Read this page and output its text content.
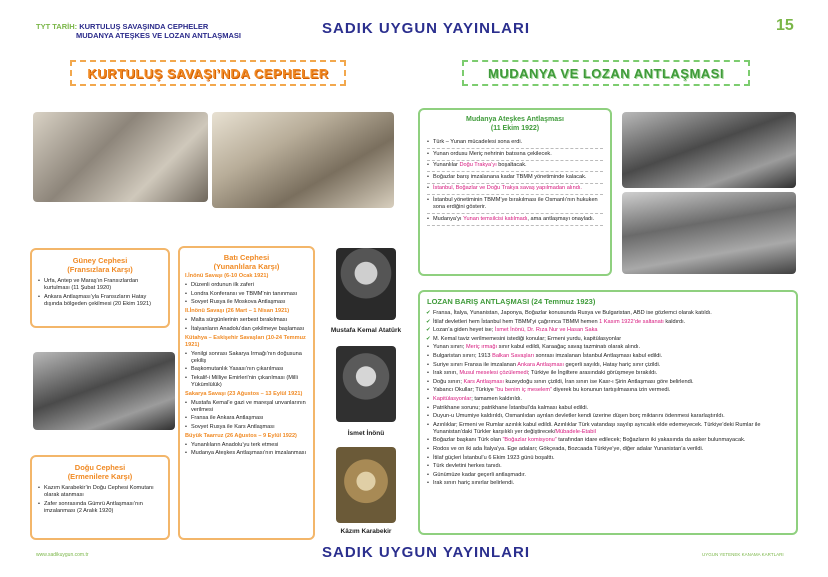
TYT TARİH: KURTULUŞ SAVAŞINDA CEPHELER
MUDANYA ATEŞKES VE LOZAN ANTLAŞMASI	SADIK UYGUN YAYINLARI	15
KURTULUŞ SAVAŞI’NDA CEPHELER	MUDANYA VE LOZAN ANTLAŞMASI
Güney Cephesi
(Fransızlara Karşı)
• Urfa, Antep ve Maraş’ın Fransızlardan kurtulması (11 Şubat 1920)
• Ankara Antlaşması’yla Fransızların Hatay dışında bölgeden çekilmesi (20 Ekim 1921)
Doğu Cephesi
(Ermenilere Karşı)
• Kazım Karabekir’in Doğu Cephesi Komutanı olarak atanması
• Zafer sonrasında Gümrü Antlaşması’nın imzalanması (2 Aralık 1920)
Batı Cephesi
(Yunanlılara Karşı)
I.İnönü Savaşı (6-10 Ocak 1921)
• Düzenli ordunun ilk zaferi
• Londra Konferansı ve TBMM’nin tanınması
• Sovyet Rusya ile Moskova Antlaşması
II.İnönü Savaşı (26 Mart – 1 Nisan 1921)
• Malta sürgünlerinin serbest bırakılması
• İtalyanların Anadolu’dan çekilmeye başlaması
Kütahya – Eskişehir Savaşları (10-24 Temmuz 1921)
• Yenilgi sonrası Sakarya Irmağı’nın doğusuna çekiliş
• Başkomutanlık Yasası’nın çıkarılması
• Tekalif-i Milliye Emirleri’nin çıkarılması (Milli Yükümlülük)
Sakarya Savaşı (23 Ağustos – 13 Eylül 1921)
• Mustafa Kemal’e gazi ve mareşal unvanlarının verilmesi
• Fransa ile Ankara Antlaşması
• Sovyet Rusya ile Kars Antlaşması
Büyük Taarruz (26 Ağustos – 9 Eylül 1922)
• Yunanlıların Anadolu’yu terk etmesi
• Mudanya Ateşkes Antlaşması’nın imzalanması
Mustafa Kemal Atatürk
İsmet İnönü
Kâzım Karabekir
Mudanya Ateşkes Antlaşması
(11 Ekim 1922)
• Türk – Yunan mücadelesi sona erdi.
• Yunan ordusu Meriç nehrinin batısına çekilecek.
• Yunanlılar Doğu Trakya’yı boşaltacak.
• Boğazlar barış imzalanana kadar TBMM yönetiminde kalacak.
• İstanbul, Boğazlar ve Doğu Trakya savaş yapılmadan alındı.
• İstanbul yönetiminin TBMM’ye bırakılması ile Osmanlı’nın hukuken sona erdiğini gösterir.
• Mudanya’yı Yunan temsilcisi katılmadı, ama antlaşmayı onayladı.
LOZAN BARIŞ ANTLAŞMASI (24 Temmuz 1923)
✔ Fransa, İtalya, Yunanistan, Japonya, Boğazlar konusunda Rusya ve Bulgaristan, ABD ise gözlemci olarak katıldı.
✔ İtilaf devletleri hem İstanbul hem TBMM’yi çağırınca TBMM hemen 1 Kasım 1922’de saltanatı kaldırdı.
✔ Lozan’a giden heyet ise; İsmet İnönü, Dr. Rıza Nur ve Hasan Saka
✔ M. Kemal taviz verilmemesini istediği konular; Ermeni yurdu, kapitülasyonlar
• Yunan sınırı; Meriç ırmağı sınır kabul edildi, Karaağaç savaş tazminatı olarak alındı.
• Bulgaristan sınırı; 1913 Balkan Savaşları sonrası imzalanan İstanbul Antlaşması kabul edildi.
• Suriye sınırı Fransa ile imzalanan Ankara Antlaşması geçerli sayıldı, Hatay hariç sınır çizildi.
• Irak sınırı, Musul meselesi çözülemedi; Türkiye ile İngiltere arasındaki görüşmeye bırakıldı.
• Doğu sınırı; Kars Antlaşması kuzeydoğu sınırı çizildi, İran sınırı ise Kasr-ı Şirin Antlaşması göre belirlendi.
• Yabancı Okullar; Türkiye “bu benim iç meselem” diyerek bu konunun tartışılmasına izin vermedi.
• Kapitülasyonlar; tamamen kaldırıldı.
• Patrikhane sorunu; patrikhane İstanbul’da kalması kabul edildi.
• Duyun-u Umumiye kaldırıldı, Osmanlıdan ayrılan devletler kendi üzerine düşen borç miktarını ödenmesi kararlaştırıldı.
• Azınlıklar; Ermeni ve Rumlar azınlık kabul edildi. Azınlıklar Türk vatandaşı sayılıp ayrıcalık elde edemeyecek. Türkiye’deki Rumlar ile Yunanistan’daki Türkler karşılıklı yer değiştirecek/Mübadele-Etabil
• Boğazlar başkanı Türk olan “Boğazlar komisyonu” tarafından idare edilecek; Boğazların iki yakasında da asker bulunmayacak.
• Rodos ve on iki ada İtalya’ya. Ege adaları; Gökçeada, Bozcaada Türkiye’ye, diğer adalar Yunanistan’a verildi.
• İtilaf güçleri İstanbul’u 6 Ekim 1923 günü boşalttı.
• Türk devletini herkes tanıdı.
• Günümüze kadar geçerli antlaşmadır.
• Irak sınırı hariç sınırlar belirlendi.
www.sadikuygun.com.tr	SADIK UYGUN YAYINLARI	UYGUN YETENEK KANAMA KARTLARI
